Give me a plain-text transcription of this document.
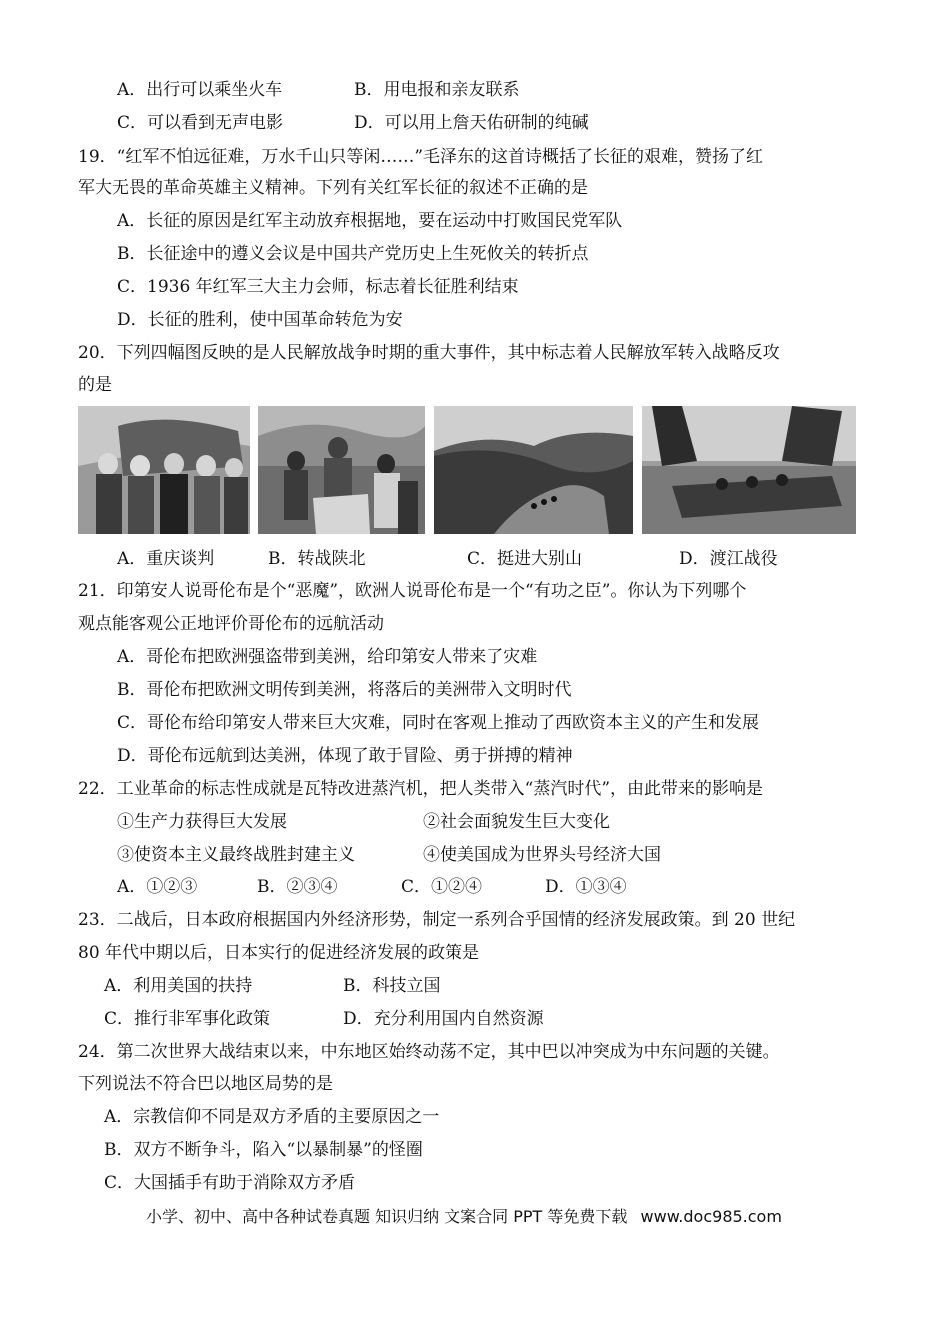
A．出行可以乘坐火车	B．用电报和亲友联系
C．可以看到无声电影	D．可以用上詹天佑研制的纯碱
19．“红军不怕远征难，万水千山只等闲……”毛泽东的这首诗概括了长征的艰难，赞扬了红
军大无畏的革命英雄主义精神。下列有关红军长征的叙述不正确的是
A．长征的原因是红军主动放弃根据地，要在运动中打败国民党军队
B．长征途中的遵义会议是中国共产党历史上生死攸关的转折点
C．1936 年红军三大主力会师，标志着长征胜利结束
D．长征的胜利，使中国革命转危为安
20．下列四幅图反映的是人民解放战争时期的重大事件，其中标志着人民解放军转入战略反攻
的是
A．重庆谈判	B．转战陕北	C．挺进大别山	D．渡江战役
21．印第安人说哥伦布是个“恶魔”，欧洲人说哥伦布是一个“有功之臣”。你认为下列哪个
观点能客观公正地评价哥伦布的远航活动
A．哥伦布把欧洲强盗带到美洲，给印第安人带来了灾难
B．哥伦布把欧洲文明传到美洲，将落后的美洲带入文明时代
C．哥伦布给印第安人带来巨大灾难，同时在客观上推动了西欧资本主义的产生和发展
D．哥伦布远航到达美洲，体现了敢于冒险、勇于拼搏的精神
22．工业革命的标志性成就是瓦特改进蒸汽机，把人类带入“蒸汽时代”，由此带来的影响是
①生产力获得巨大发展	②社会面貌发生巨大变化
③使资本主义最终战胜封建主义	④使美国成为世界头号经济大国
A．①②③	B．②③④	C．①②④	D．①③④
23．二战后，日本政府根据国内外经济形势，制定一系列合乎国情的经济发展政策。到 20 世纪
80 年代中期以后，日本实行的促进经济发展的政策是
A．利用美国的扶持	B．科技立国
C．推行非军事化政策	D．充分利用国内自然资源
24．第二次世界大战结束以来，中东地区始终动荡不定，其中巴以冲突成为中东问题的关键。
下列说法不符合巴以地区局势的是
A．宗教信仰不同是双方矛盾的主要原因之一
B．双方不断争斗，陷入“以暴制暴”的怪圈
C．大国插手有助于消除双方矛盾
小学、初中、高中各种试卷真题 知识归纳 文案合同 PPT 等免费下载 www.doc985.com
